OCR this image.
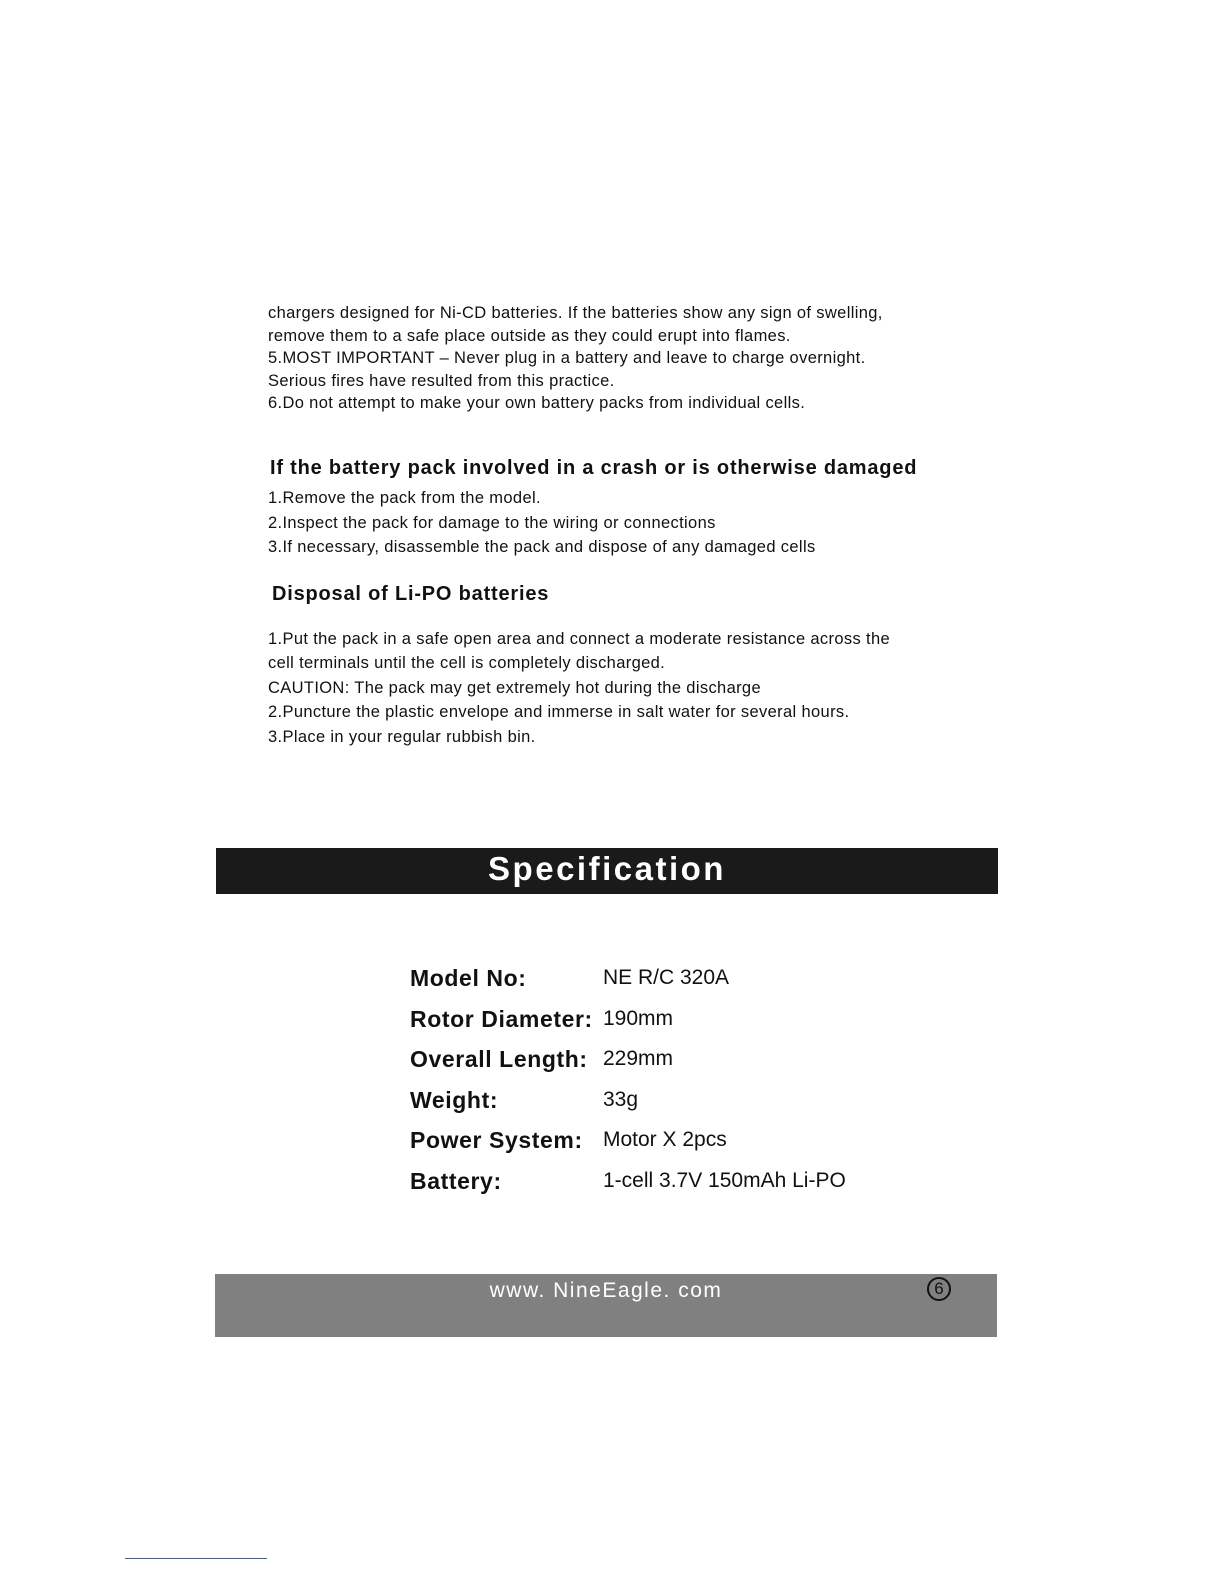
chargers designed for Ni-CD batteries. If the batteries show any sign of swelling,
remove them to a safe place outside as they could erupt into flames.
5.MOST IMPORTANT – Never plug in a battery and leave to charge overnight.
Serious fires have resulted from this practice.
6.Do not attempt to make your own battery packs from individual cells.
If the battery pack involved in a crash or is otherwise damaged
1.Remove the pack from the model.
2.Inspect the pack for damage to the wiring or connections
3.If necessary, disassemble the pack and dispose of any damaged cells
Disposal of Li-PO batteries
1.Put the pack in a safe open area and connect a moderate resistance across the
cell terminals until the cell is completely discharged.
CAUTION: The pack may get extremely hot during the discharge
2.Puncture the plastic envelope and immerse in salt water for several hours.
3.Place in your regular rubbish bin.
Specification
Model No:	NE R/C 320A
Rotor Diameter: 190mm
Overall Length: 229mm
Weight:	33g
Power System: Motor X 2pcs
Battery:	1-cell 3.7V 150mAh Li-PO
www. NineEagle. com	6
